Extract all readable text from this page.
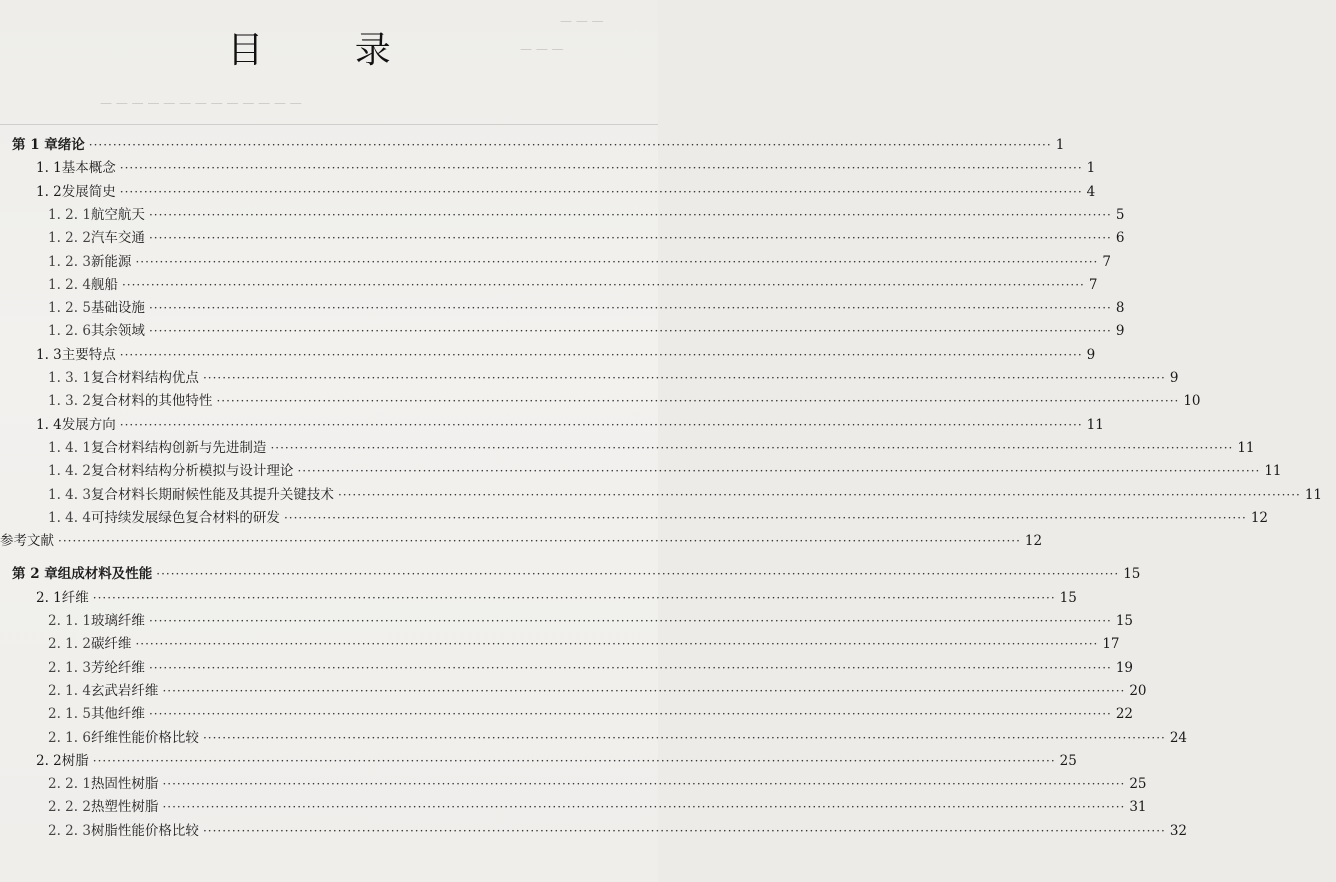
— — —
— — —
— — — — — — — — — — — — —
目 录
第 1 章 绪论 ········································································································································································································ 1
1. 1 基本概念 ········································································································································································································ 1
1. 2 发展简史 ········································································································································································································ 4
1. 2. 1 航空航天 ········································································································································································································ 5
1. 2. 2 汽车交通 ········································································································································································································ 6
1. 2. 3 新能源 ········································································································································································································ 7
1. 2. 4 舰船 ········································································································································································································ 7
1. 2. 5 基础设施 ········································································································································································································ 8
1. 2. 6 其余领域 ········································································································································································································ 9
1. 3 主要特点 ········································································································································································································ 9
1. 3. 1 复合材料结构优点 ········································································································································································································ 9
1. 3. 2 复合材料的其他特性 ········································································································································································································ 10
1. 4 发展方向 ········································································································································································································ 11
1. 4. 1 复合材料结构创新与先进制造 ········································································································································································································ 11
1. 4. 2 复合材料结构分析模拟与设计理论 ········································································································································································································ 11
1. 4. 3 复合材料长期耐候性能及其提升关键技术 ········································································································································································································ 11
1. 4. 4 可持续发展绿色复合材料的研发 ········································································································································································································ 12
参考文献 ········································································································································································································ 12
第 2 章 组成材料及性能 ········································································································································································································ 15
2. 1 纤维 ········································································································································································································ 15
2. 1. 1 玻璃纤维 ········································································································································································································ 15
2. 1. 2 碳纤维 ········································································································································································································ 17
2. 1. 3 芳纶纤维 ········································································································································································································ 19
2. 1. 4 玄武岩纤维 ········································································································································································································ 20
2. 1. 5 其他纤维 ········································································································································································································ 22
2. 1. 6 纤维性能价格比较 ········································································································································································································ 24
2. 2 树脂 ········································································································································································································ 25
2. 2. 1 热固性树脂 ········································································································································································································ 25
2. 2. 2 热塑性树脂 ········································································································································································································ 31
2. 2. 3 树脂性能价格比较 ········································································································································································································ 32
